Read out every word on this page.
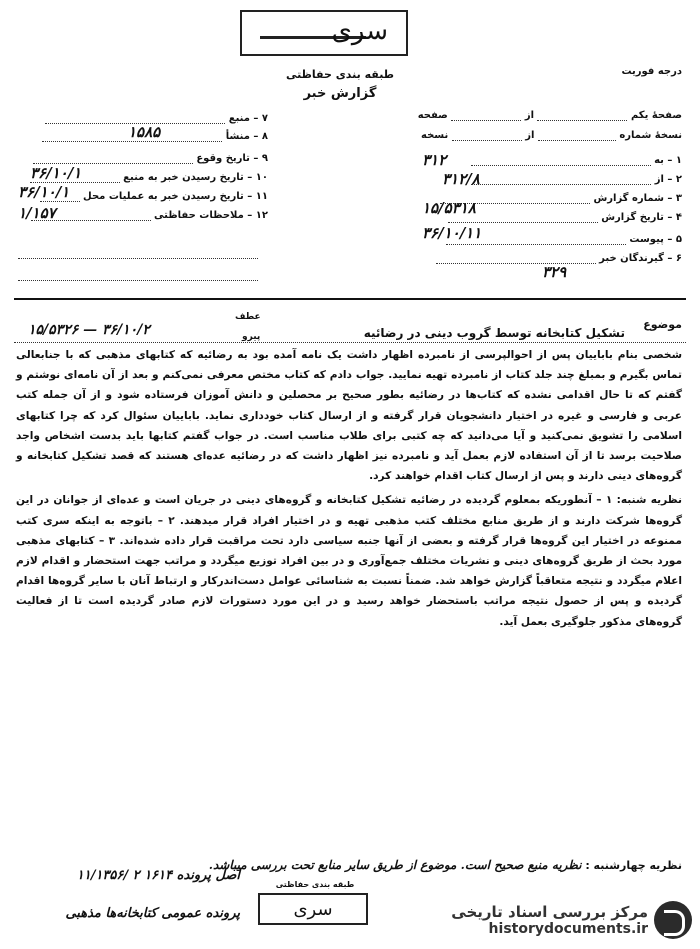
سری
طبقه بندی حفاظتی
گزارش خبر
درجه فوریت
صفحهٔ یکم  از  صفحه
نسخهٔ شماره  از  نسخه
۱ – به
۳۱۲
۲ – از
۳۱۲/۸
۳ – شماره گزارش
۱۵/۵۳۱۸
۴ – تاریخ گزارش
۳۶/۱۰/۱۱	۵ – پیوست
۶ – گیرندگان خبر
۳۲۹
۷ – منبع
۸ – منشأ
۱۵۸۵
۹ – تاریخ وقوع
۱۰ – تاریخ رسیدن خبر به منبع
۳۶/۱۰/۱
۱۱ – تاریخ رسیدن خبر به عملیات محل
۳۶/۱۰/۱
۱۲ – ملاحظات حفاظتی
۱/۱۵۷
موضوع
تشکیل کتابخانه توسط گروب دینی در رضائیه
عطف
پیرو
۱۵/۵۳۲۶ — ۳۶/۱۰/۲

شخصی بنام باباییان پس از احوالپرسی از نامبرده اظهار داشت یک نامه آمده بود به رضائیه که کتابهای مذهبی که با جنابعالی تماس بگیرم و بمبلغ چند جلد کتاب از نامبرده تهیه نمایید. جواب دادم که کتاب مختص معرفی نمی‌کنم و بعد از آن نامه‌ای نوشتم و گفتم که تا حال اقدامی نشده که کتاب‌ها در رضائیه بطور صحیح بر محصلین و دانش آموزان فرستاده شود و از آن جمله کتب عربی و فارسی و غیره در اختیار دانشجویان قرار گرفته و از ارسال کتاب خودداری نماید. باباییان سئوال کرد که چرا کتابهای اسلامی را تشویق نمی‌کنید و آیا می‌دانید که چه کتبی برای طلاب مناسب است. در جواب گفتم کتابها باید بدست اشخاص واجد صلاحیت برسد تا از آن استفاده لازم بعمل آید و نامبرده نیز اظهار داشت که در رضائیه عده‌ای هستند که قصد تشکیل کتابخانه و گروه‌های دینی دارند و پس از ارسال کتاب اقدام خواهند کرد.

نظریه شنبه: ۱ – آنطوریکه بمعلوم گردیده در رضائیه تشکیل کتابخانه و گروه‌های دینی در جریان است و عده‌ای از جوانان در این گروه‌ها شرکت دارند و از طریق منابع مختلف کتب مذهبی تهیه و در اختیار افراد قرار میدهند. ۲ – باتوجه به اینکه سری کتب ممنوعه در اختیار این گروه‌ها قرار گرفته و بعضی از آنها جنبه سیاسی دارد تحت مراقبت قرار داده شده‌اند. ۳ – کتابهای مذهبی مورد بحث از طریق گروه‌های دینی و نشریات مختلف جمع‌آوری و در بین افراد توزیع میگردد و مراتب جهت استحضار و اقدام لازم اعلام میگردد و نتیجه متعاقباً گزارش خواهد شد. ضمناً نسبت به شناسائی عوامل دست‌اندرکار و ارتباط آنان با سایر گروه‌ها اقدام گردیده و پس از حصول نتیجه مراتب باستحضار خواهد رسید و در این مورد دستورات لازم صادر گردیده است تا از فعالیت گروه‌های مذکور جلوگیری بعمل آید.

نظریه چهارشنبه : نظریه منبع صحیح است. موضوع از طریق سایر منابع تحت بررسی میباشد.
اصل پرونده ۱۶۱۴ ۲ /۱۱/۱۳۵۶
پرونده عمومی کتابخانه‌ها مذهبی
طبقه بندی حفاظتی
سری	مرکز بررسی اسناد تاریخی
historydocuments.ir
